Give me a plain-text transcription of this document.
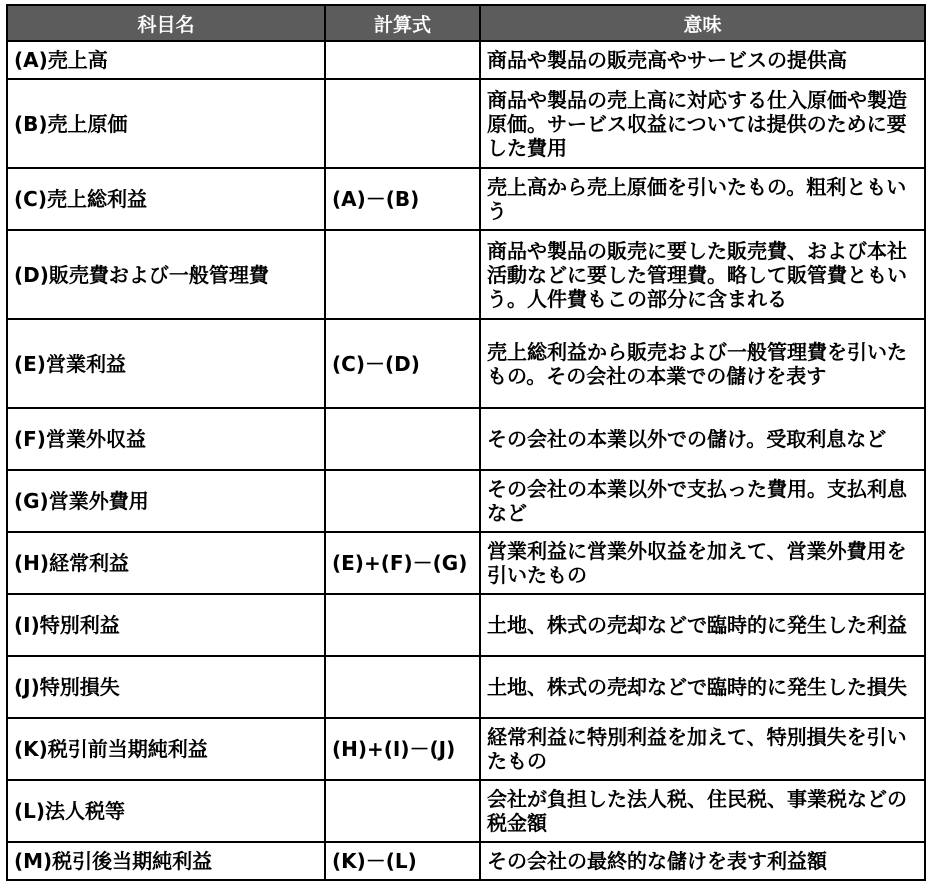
科目名	計算式	意味
(A)売上高		商品や製品の販売高やサービスの提供高
(B)売上原価		商品や製品の売上高に対応する仕入原価や製造原価。サービス収益については提供のために要した費用
(C)売上総利益	(A)－(B)	売上高から売上原価を引いたもの。粗利ともいう
(D)販売費および一般管理費		商品や製品の販売に要した販売費、および本社活動などに要した管理費。略して販管費ともいう。人件費もこの部分に含まれる
(E)営業利益	(C)－(D)	売上総利益から販売および一般管理費を引いたもの。その会社の本業での儲けを表す
(F)営業外収益		その会社の本業以外での儲け。受取利息など
(G)営業外費用		その会社の本業以外で支払った費用。支払利息など
(H)経常利益	(E)+(F)－(G)	営業利益に営業外収益を加えて、営業外費用を引いたもの
(I)特別利益		土地、株式の売却などで臨時的に発生した利益
(J)特別損失		土地、株式の売却などで臨時的に発生した損失
(K)税引前当期純利益	(H)+(I)－(J)	経常利益に特別利益を加えて、特別損失を引いたもの
(L)法人税等		会社が負担した法人税、住民税、事業税などの税金額
(M)税引後当期純利益	(K)－(L)	その会社の最終的な儲けを表す利益額
